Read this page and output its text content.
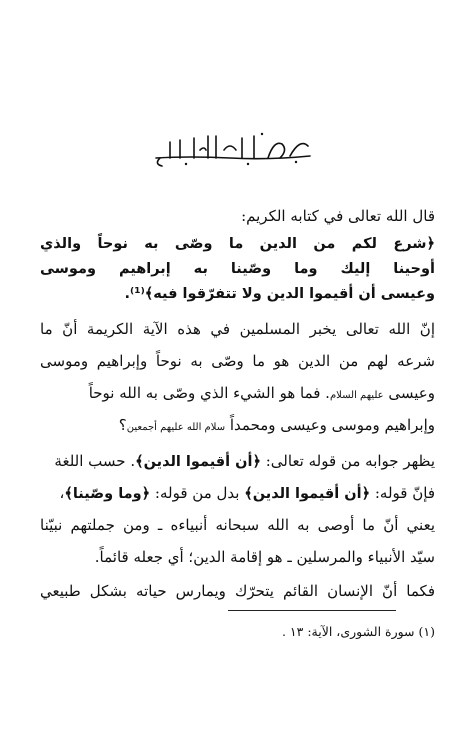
قال الله تعالى في كتابه الكريم:
﴿شرع لكم من الدين ما وصّى به نوحاً والذي
أوحينا إليك وما وصّينا به إبراهيم وموسى
وعيسى أن أقيموا الدين ولا تتفرّقوا فيه﴾⁽¹⁾.
إنّ الله تعالى يخبر المسلمين في هذه الآية الكريمة أنّ ما
شرعه لهم من الدين هو ما وصّى به نوحاً وإبراهيم وموسى
وعيسى عليهم السلام. فما هو الشيء الذي وصّى به الله نوحاً
وإبراهيم وموسى وعيسى ومحمداً سلام الله عليهم أجمعين؟
يظهر جوابه من قوله تعالى: ﴿أن أقيموا الدين﴾. حسب اللغة
فإنّ قوله: ﴿أن أقيموا الدين﴾ بدل من قوله: ﴿وما وصّينا﴾،
يعني أنّ ما أوصى به الله سبحانه أنبياءه ـ ومن جملتهم نبيّنا
سيّد الأنبياء والمرسلين ـ هو إقامة الدين؛ أي جعله قائماً.
فكما أنّ الإنسان القائم يتحرّك ويمارس حياته بشكل طبيعي
(١) سورة الشورى، الآية: ١٣ .
